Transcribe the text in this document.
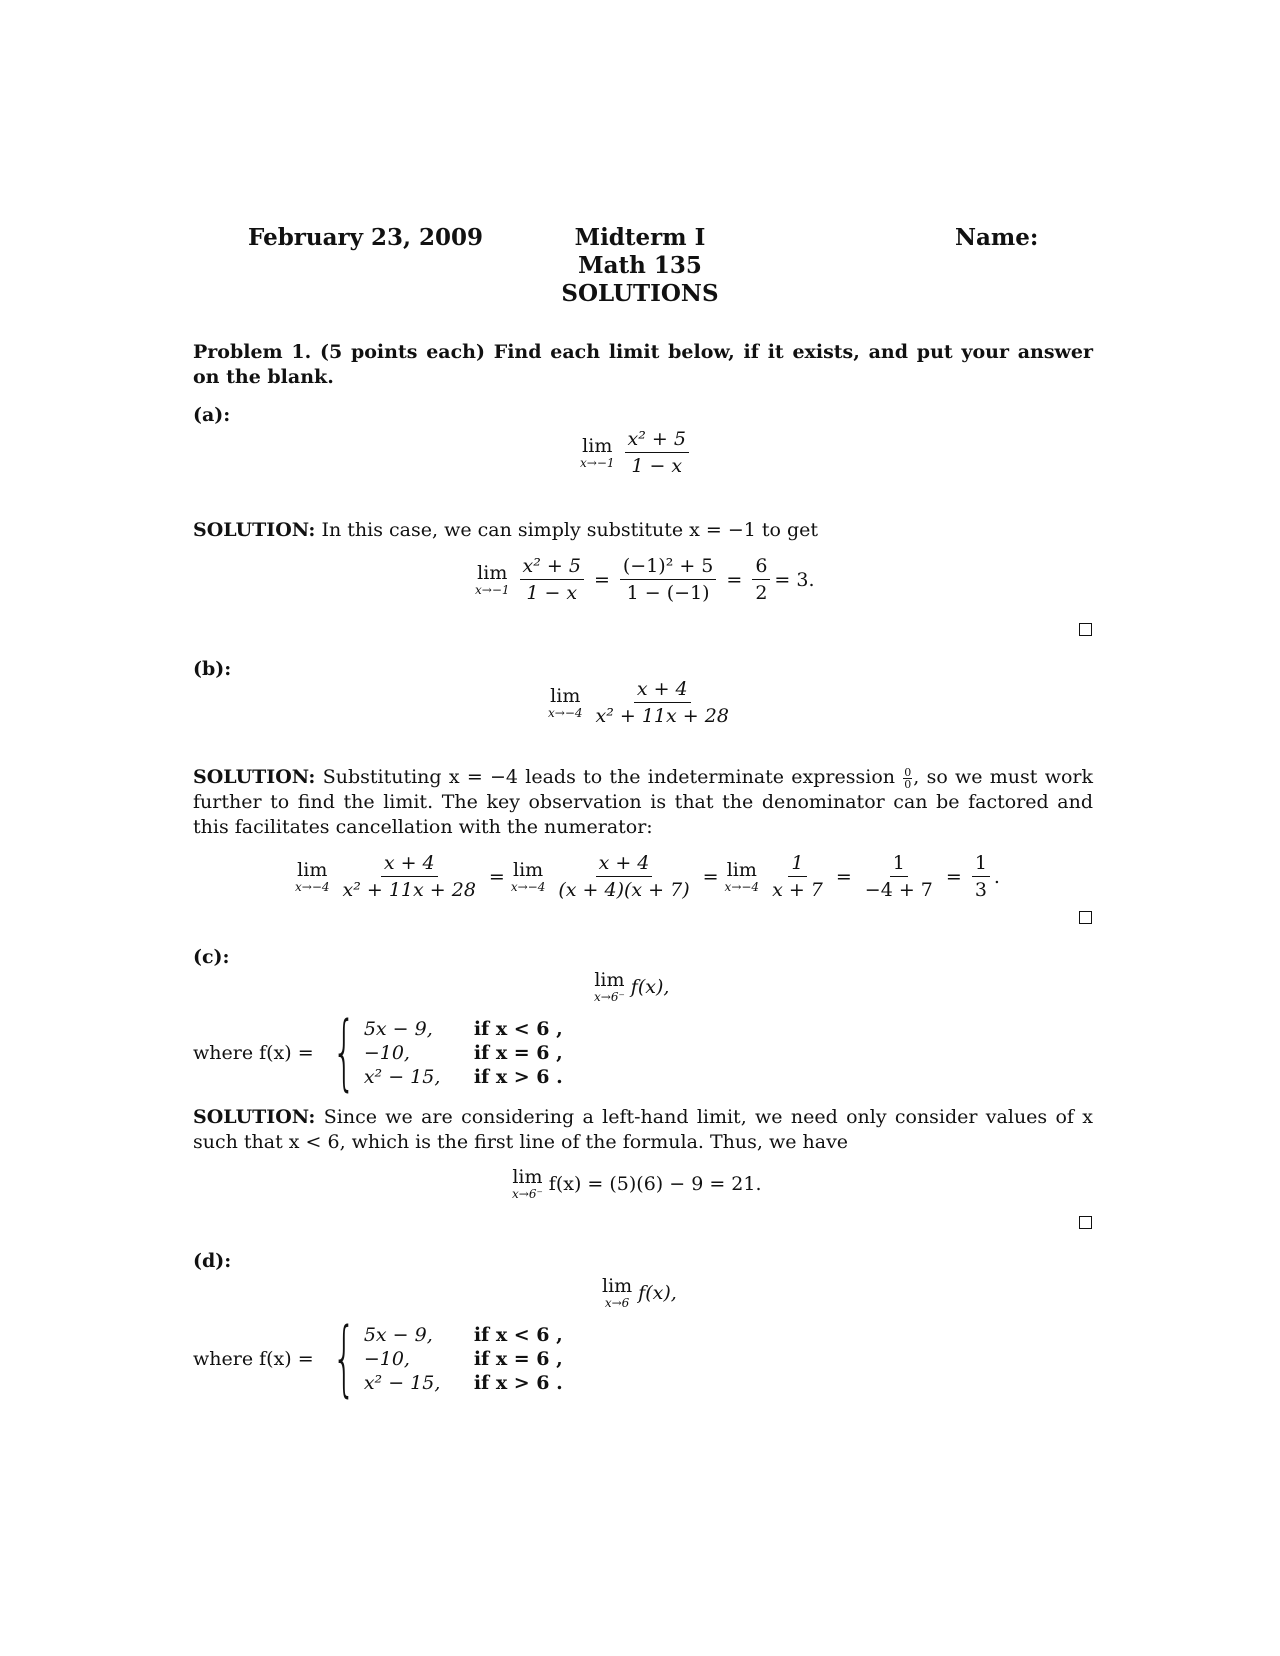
February 23, 2009	Midterm I
Math 135
SOLUTIONS
Name:
Problem 1. (5 points each) Find each limit below, if it exists, and put your answer on the blank.
(a):
lim
$x\to-1 \frac{\text{x² + 5}}{1 - x}$
SOLUTION: In this case, we can simply substitute x = −1 to get
lim
$x\to-1 \frac{\text{x² + 5}}{1 - x} = \frac{\text{(−1)² + 5}}{1 - (-1)} = \frac{6}{2} = 3$.
(b):
lim
$x\to-4 \frac{x + 4}{\text{x² + 11x + 28}}$
SOLUTION: Substituting x = −4 leads to the indeterminate expression $\frac{0}{0}$ , so we must work further to find the limit. The key observation is that the denominator can be factored and this facilitates cancellation with the numerator:
lim
$x\to-4 \frac{x + 4}{\text{x² + 11x + 28}} = \lim$
$x\to-4 \frac{x + 4}{(x + 4)(x + 7)} = \lim$
$x\to-4 \frac{1}{x + 7} = \frac{1}{-4 + 7} = \frac{1}{3}$ .
(c):
lim
x→6⁻ f(x),
where f(x) = { 5x − 9,	if x < 6 ,
−10,	if x = 6 ,
x² − 15,	if x > 6 .
SOLUTION: Since we are considering a left-hand limit, we need only consider values of x such that x < 6, which is the first line of the formula. Thus, we have
lim
x→6⁻ f(x) = (5)(6) − 9 = 21.
(d):
lim
x→6 f(x),
where f(x) = { 5x − 9,	if x < 6 ,
−10,	if x = 6 ,
x² − 15,	if x > 6 .
